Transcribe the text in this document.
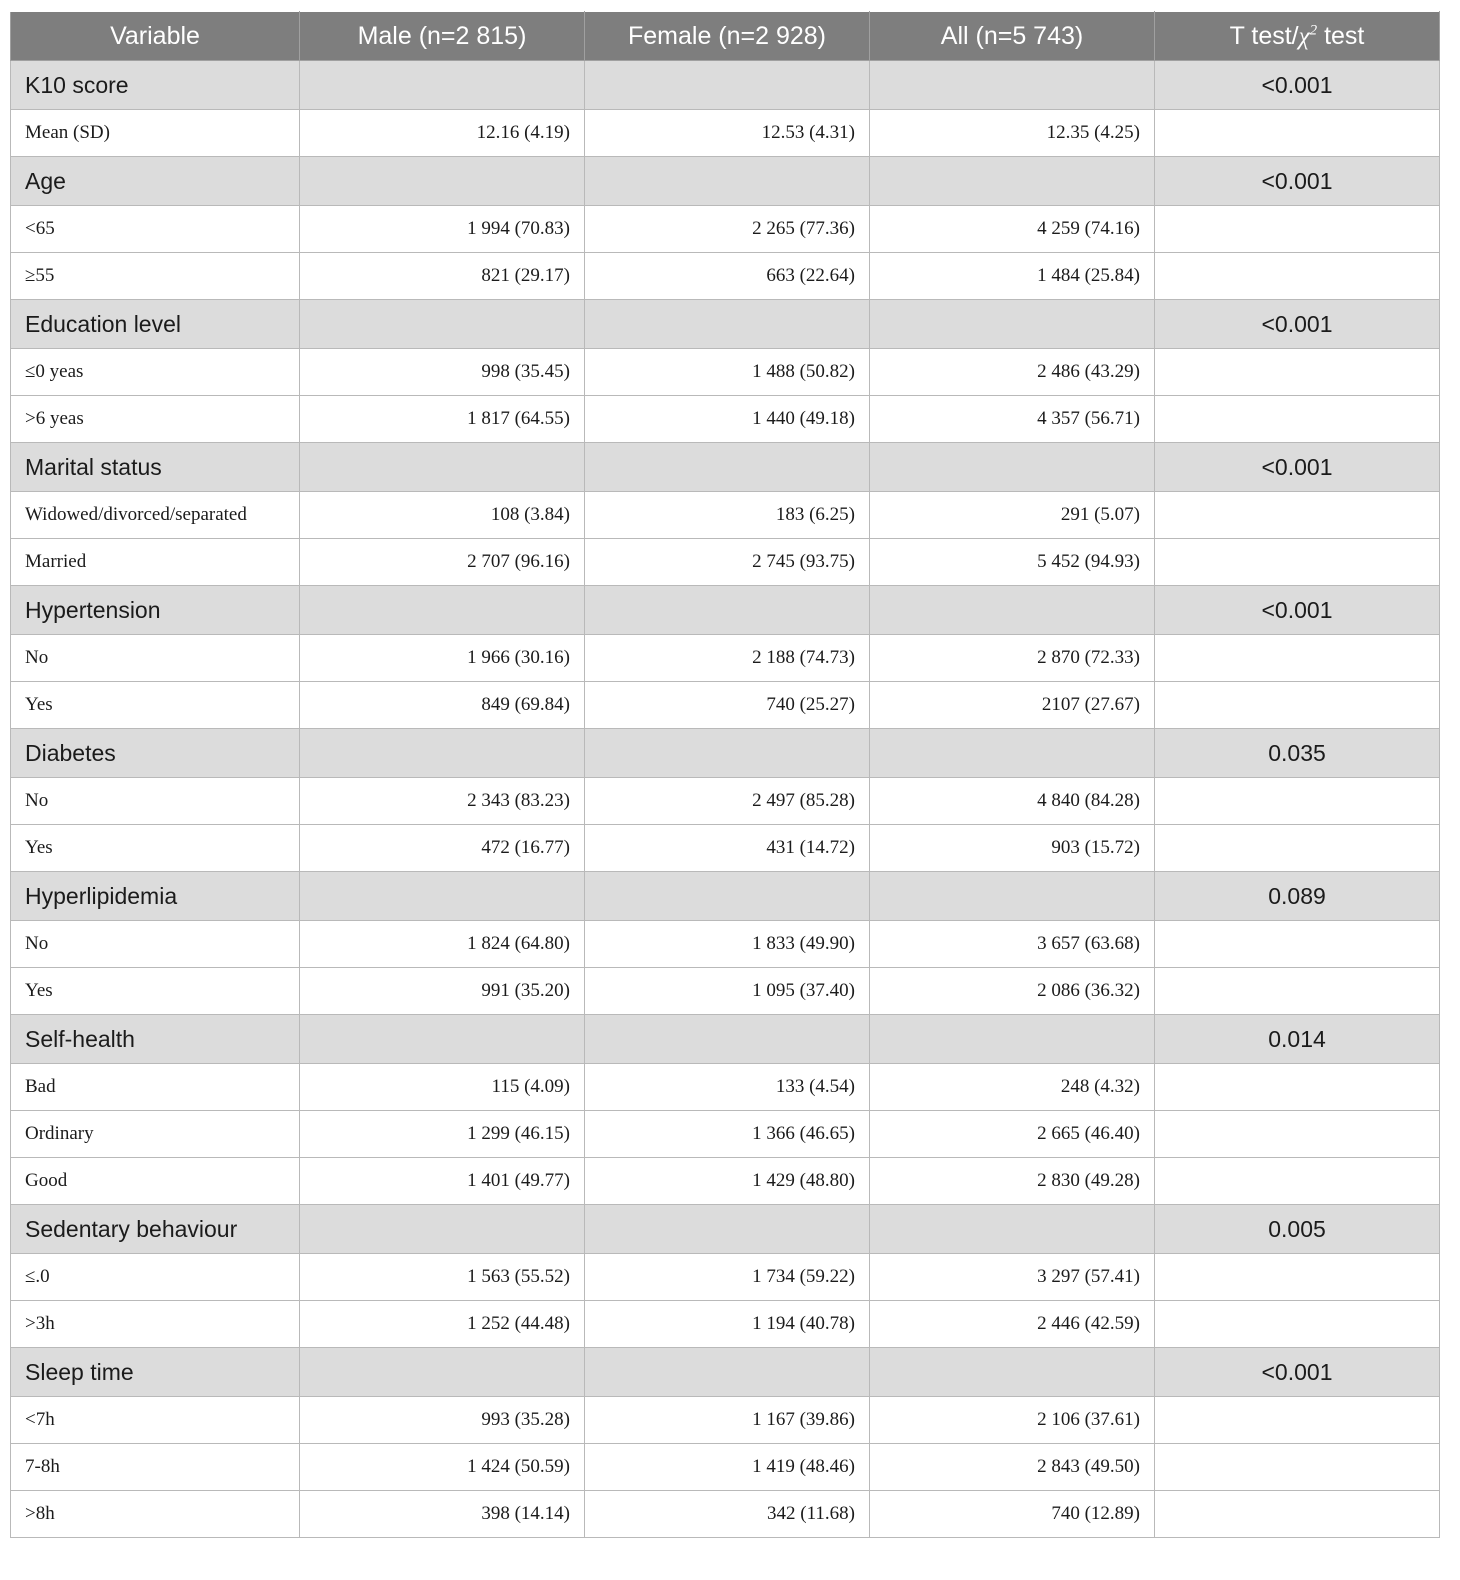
Variable	Male (n=2 815)	Female (n=2 928)	All (n=5 743)	T test/$\chi^2$ test
K10 score				<0.001
Mean (SD)	12.16 (4.19)	12.53 (4.31)	12.35 (4.25)	
Age				<0.001
<65	1 994 (70.83)	2 265 (77.36)	4 259 (74.16)	
≥55	821 (29.17)	663 (22.64)	1 484 (25.84)	
Education level				<0.001
≤0 yeas	998 (35.45)	1 488 (50.82)	2 486 (43.29)	
>6 yeas	1 817 (64.55)	1 440 (49.18)	4 357 (56.71)	
Marital status				<0.001
Widowed/divorced/separated	108 (3.84)	183 (6.25)	291 (5.07)	
Married	2 707 (96.16)	2 745 (93.75)	5 452 (94.93)	
Hypertension				<0.001
No	1 966 (30.16)	2 188 (74.73)	2 870 (72.33)	
Yes	849 (69.84)	740 (25.27)	2107 (27.67)	
Diabetes				0.035
No	2 343 (83.23)	2 497 (85.28)	4 840 (84.28)	
Yes	472 (16.77)	431 (14.72)	903 (15.72)	
Hyperlipidemia				0.089
No	1 824 (64.80)	1 833 (49.90)	3 657 (63.68)	
Yes	991 (35.20)	1 095 (37.40)	2 086 (36.32)	
Self-health				0.014
Bad	115 (4.09)	133 (4.54)	248 (4.32)	
Ordinary	1 299 (46.15)	1 366 (46.65)	2 665 (46.40)	
Good	1 401 (49.77)	1 429 (48.80)	2 830 (49.28)	
Sedentary behaviour				0.005
≤.0	1 563 (55.52)	1 734 (59.22)	3 297 (57.41)	
>3h	1 252 (44.48)	1 194 (40.78)	2 446 (42.59)	
Sleep time				<0.001
<7h	993 (35.28)	1 167 (39.86)	2 106 (37.61)	
7-8h	1 424 (50.59)	1 419 (48.46)	2 843 (49.50)	
>8h	398 (14.14)	342 (11.68)	740 (12.89)	
